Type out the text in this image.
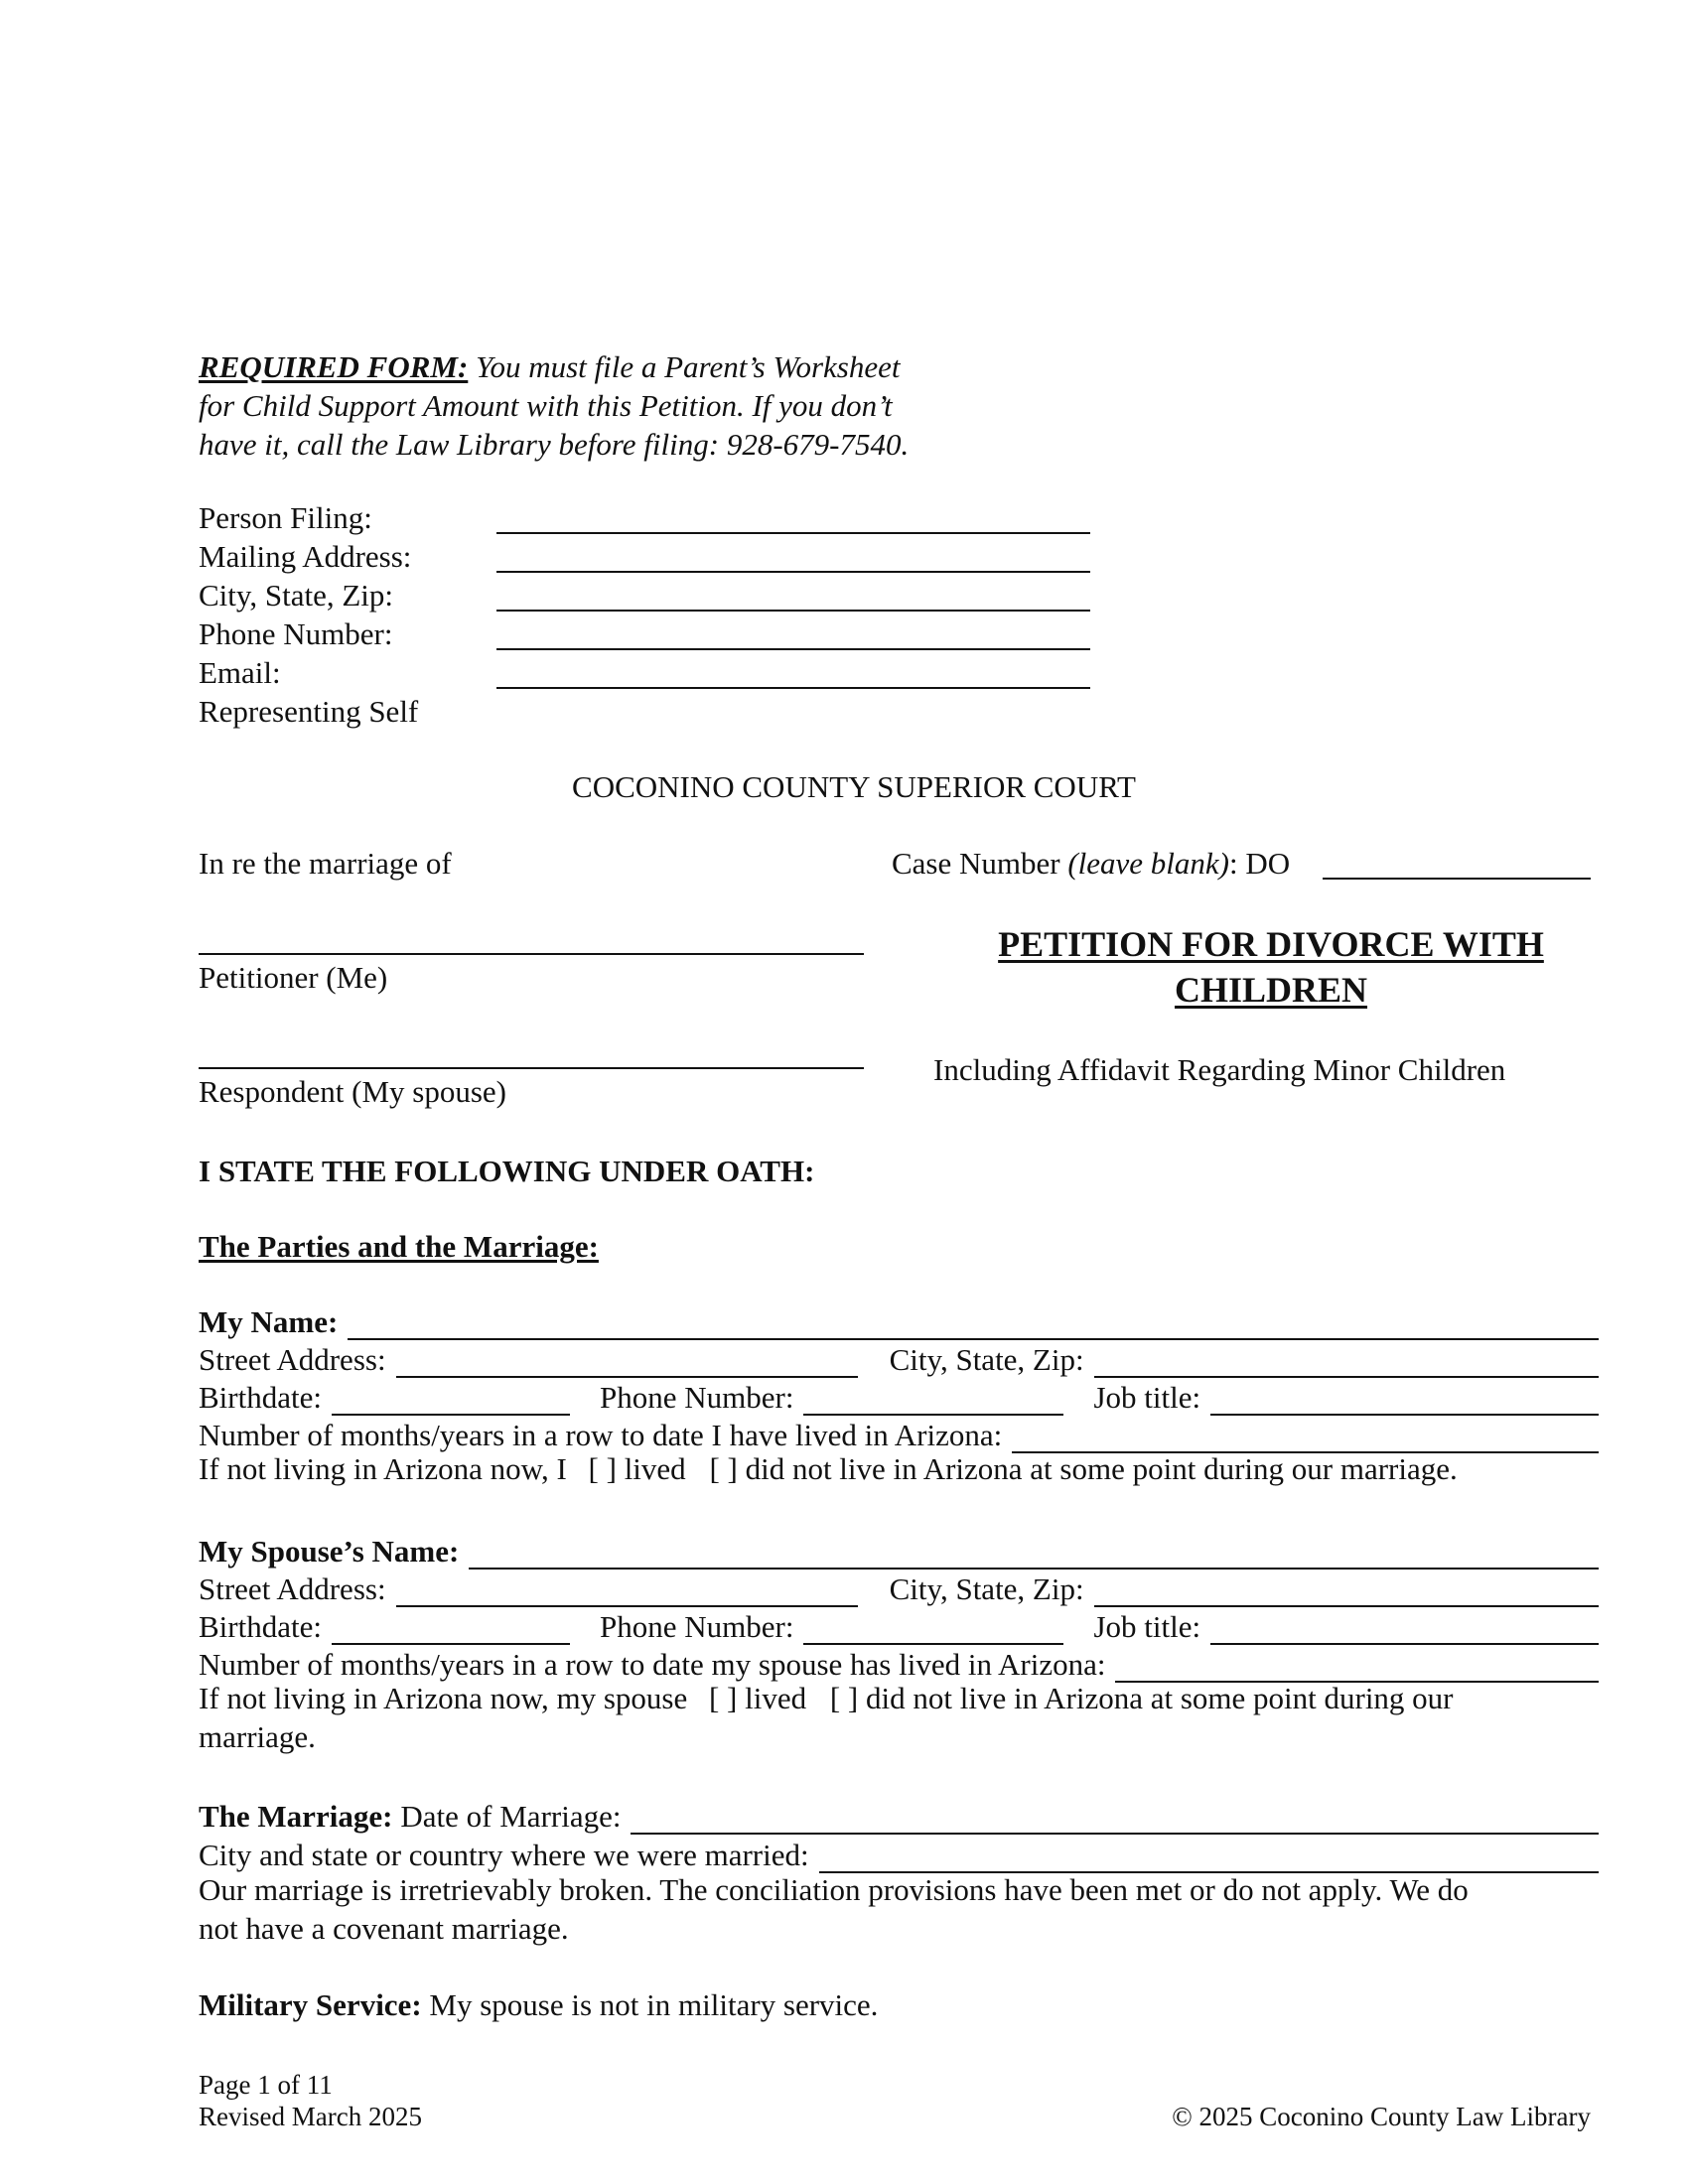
REQUIRED FORM: You must file a Parent’s Worksheet
for Child Support Amount with this Petition. If you don’t
have it, call the Law Library before filing: 928-679-7540.
Person Filing:
Mailing Address:
City, State, Zip:
Phone Number:
Email:
Representing Self
COCONINO COUNTY SUPERIOR COURT
In re the marriage of	Case Number (leave blank): DO
Petitioner (Me)
PETITION FOR DIVORCE WITH
CHILDREN
Respondent (My spouse)
Including Affidavit Regarding Minor Children
I STATE THE FOLLOWING UNDER OATH:
The Parties and the Marriage:
My Name:
Street Address:	City, State, Zip:
Birthdate:	Phone Number:	Job title:
Number of months/years in a row to date I have lived in Arizona:
If not living in Arizona now, I [ ] lived [ ] did not live in Arizona at some point during our marriage.
My Spouse’s Name:
Street Address:	City, State, Zip:
Birthdate:	Phone Number:	Job title:
Number of months/years in a row to date my spouse has lived in Arizona:
If not living in Arizona now, my spouse [ ] lived [ ] did not live in Arizona at some point during our
marriage.
The Marriage: Date of Marriage:
City and state or country where we were married:
Our marriage is irretrievably broken. The conciliation provisions have been met or do not apply. We do
not have a covenant marriage.
Military Service: My spouse is not in military service.
Page 1 of 11
Revised March 2025	© 2025 Coconino County Law Library
